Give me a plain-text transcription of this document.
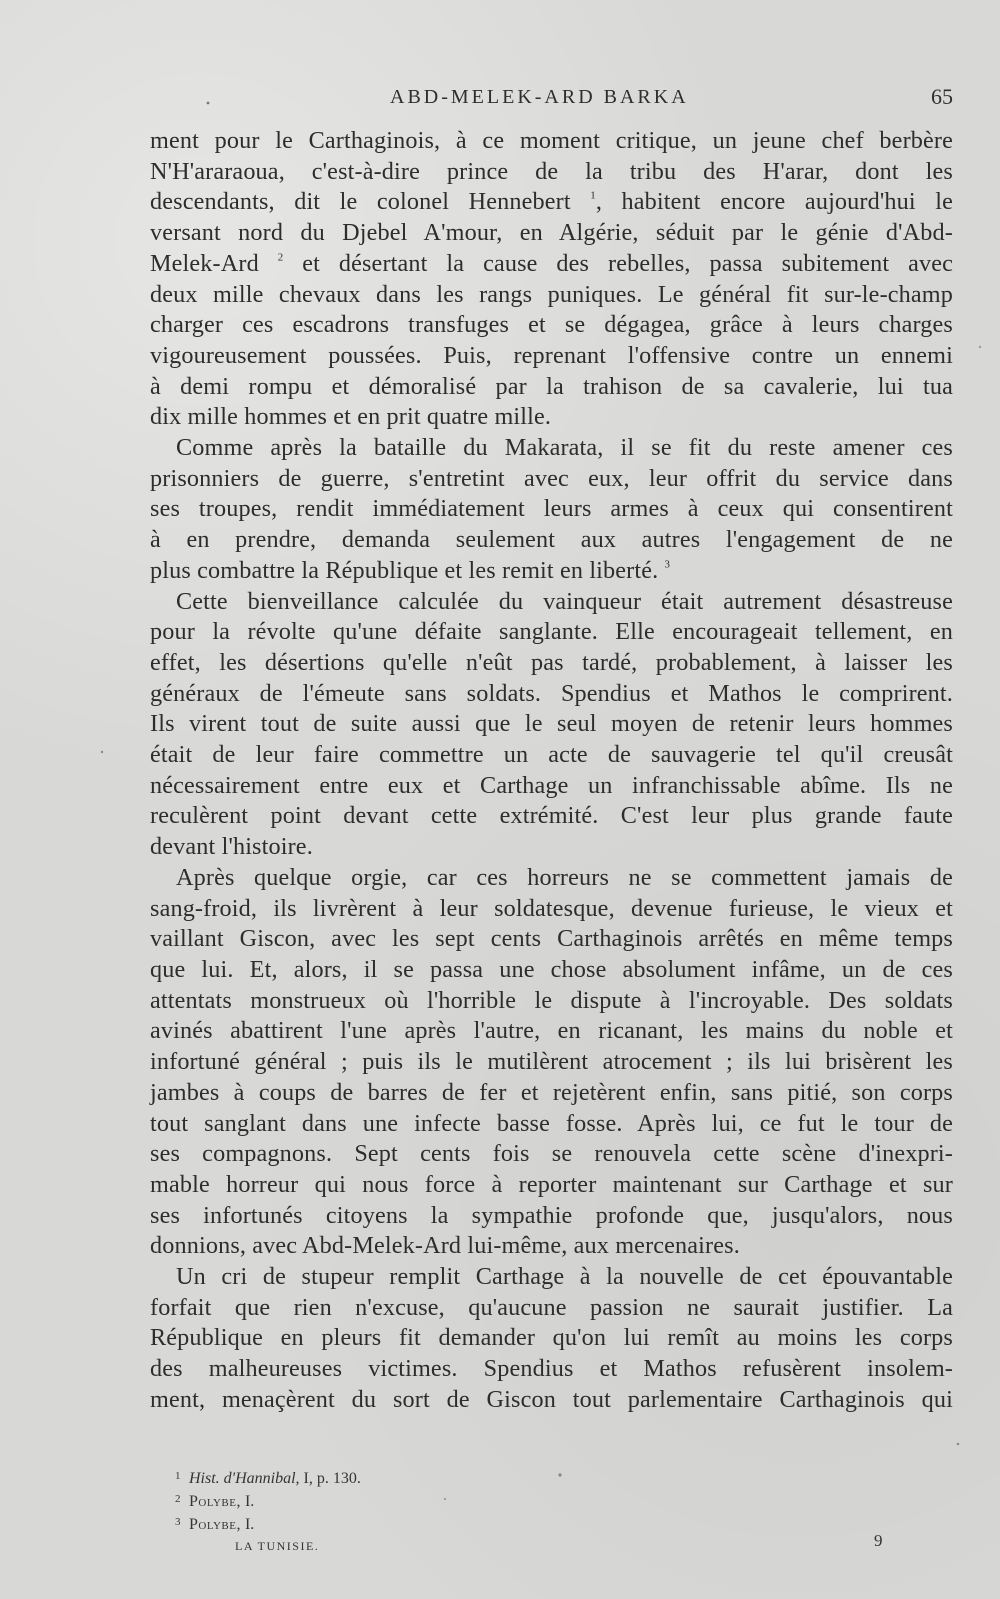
ABD-MELEK-ARD BARKA	65
ment pour le Carthaginois, à ce moment critique, un jeune chef berbère
N'H'araraoua, c'est-à-dire prince de la tribu des H'arar, dont les
descendants, dit le colonel Hennebert $^1$, habitent encore aujourd'hui le
versant nord du Djebel A'mour, en Algérie, séduit par le génie d'Abd-
Melek-Ard $^2$ et désertant la cause des rebelles, passa subitement avec
deux mille chevaux dans les rangs puniques. Le général fit sur-le-champ
charger ces escadrons transfuges et se dégagea, grâce à leurs charges
vigoureusement poussées. Puis, reprenant l'offensive contre un ennemi
à demi rompu et démoralisé par la trahison de sa cavalerie, lui tua
dix mille hommes et en prit quatre mille.
Comme après la bataille du Makarata, il se fit du reste amener ces
prisonniers de guerre, s'entretint avec eux, leur offrit du service dans
ses troupes, rendit immédiatement leurs armes à ceux qui consentirent
à en prendre, demanda seulement aux autres l'engagement de ne
plus combattre la République et les remit en liberté. $^3$
Cette bienveillance calculée du vainqueur était autrement désastreuse
pour la révolte qu'une défaite sanglante. Elle encourageait tellement, en
effet, les désertions qu'elle n'eût pas tardé, probablement, à laisser les
généraux de l'émeute sans soldats. Spendius et Mathos le comprirent.
Ils virent tout de suite aussi que le seul moyen de retenir leurs hommes
était de leur faire commettre un acte de sauvagerie tel qu'il creusât
nécessairement entre eux et Carthage un infranchissable abîme. Ils ne
reculèrent point devant cette extrémité. C'est leur plus grande faute
devant l'histoire.
Après quelque orgie, car ces horreurs ne se commettent jamais de
sang-froid, ils livrèrent à leur soldatesque, devenue furieuse, le vieux et
vaillant Giscon, avec les sept cents Carthaginois arrêtés en même temps
que lui. Et, alors, il se passa une chose absolument infâme, un de ces
attentats monstrueux où l'horrible le dispute à l'incroyable. Des soldats
avinés abattirent l'une après l'autre, en ricanant, les mains du noble et
infortuné général ; puis ils le mutilèrent atrocement ; ils lui brisèrent les
jambes à coups de barres de fer et rejetèrent enfin, sans pitié, son corps
tout sanglant dans une infecte basse fosse. Après lui, ce fut le tour de
ses compagnons. Sept cents fois se renouvela cette scène d'inexpri-
mable horreur qui nous force à reporter maintenant sur Carthage et sur
ses infortunés citoyens la sympathie profonde que, jusqu'alors, nous
donnions, avec Abd-Melek-Ard lui-même, aux mercenaires.
Un cri de stupeur remplit Carthage à la nouvelle de cet épouvantable
forfait que rien n'excuse, qu'aucune passion ne saurait justifier. La
République en pleurs fit demander qu'on lui remît au moins les corps
des malheureuses victimes. Spendius et Mathos refusèrent insolem-
ment, menaçèrent du sort de Giscon tout parlementaire Carthaginois qui
1 Hist. d'Hannibal, I, p. 130.
2 Polybe, I.
3 Polybe, I.
LA TUNISIE.	9
